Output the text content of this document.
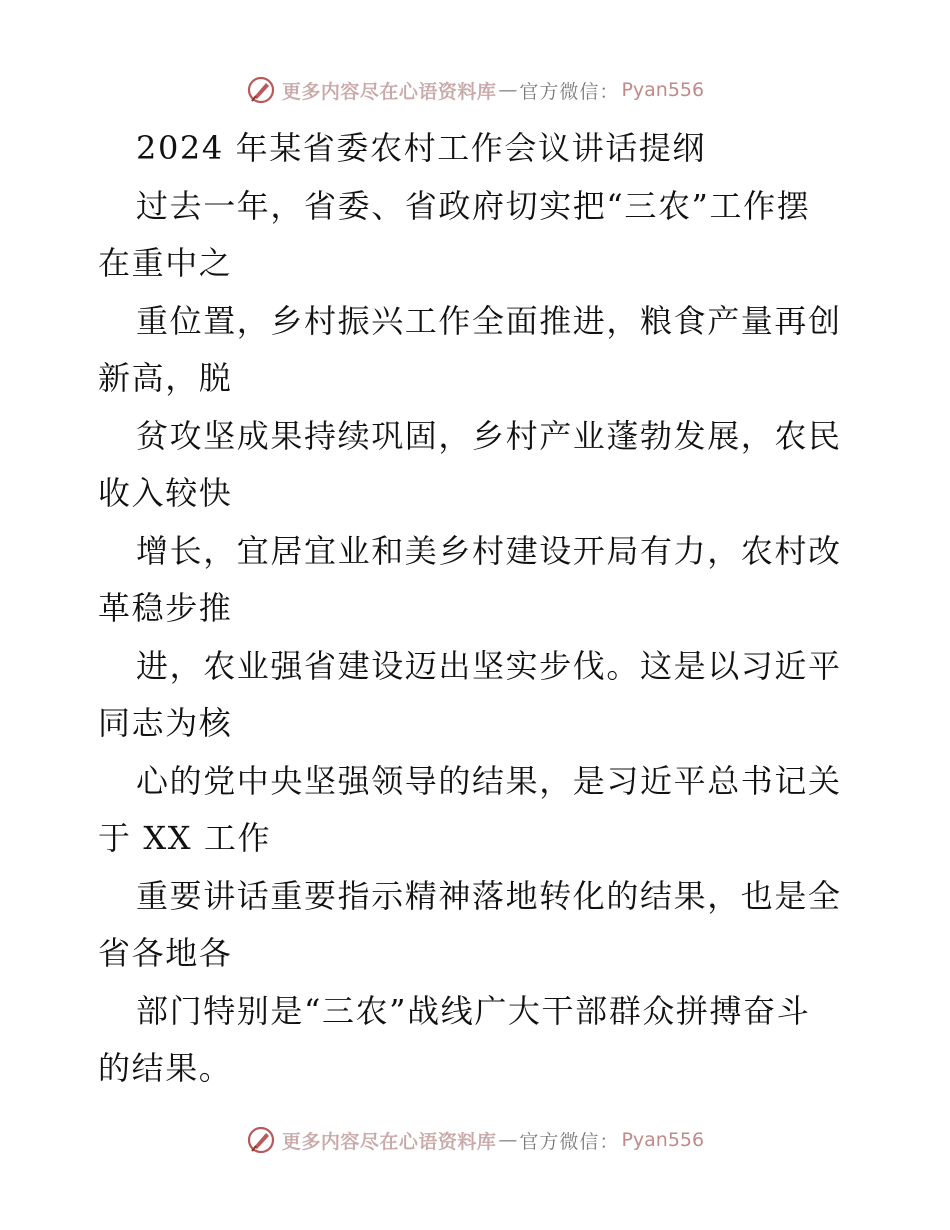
更多内容尽在心语资料库 — 官方微信： Pyan556
2024 年某省委农村工作会议讲话提纲
过去一年，省委、省政府切实把“三农”工作摆
在重中之
重位置，乡村振兴工作全面推进，粮食产量再创
新高，脱
贫攻坚成果持续巩固，乡村产业蓬勃发展，农民
收入较快
增长，宜居宜业和美乡村建设开局有力，农村改
革稳步推
进，农业强省建设迈出坚实步伐。这是以习近平
同志为核
心的党中央坚强领导的结果，是习近平总书记关
于 XX 工作
重要讲话重要指示精神落地转化的结果，也是全
省各地各
部门特别是“三农”战线广大干部群众拼搏奋斗
的结果。
更多内容尽在心语资料库 — 官方微信： Pyan556
